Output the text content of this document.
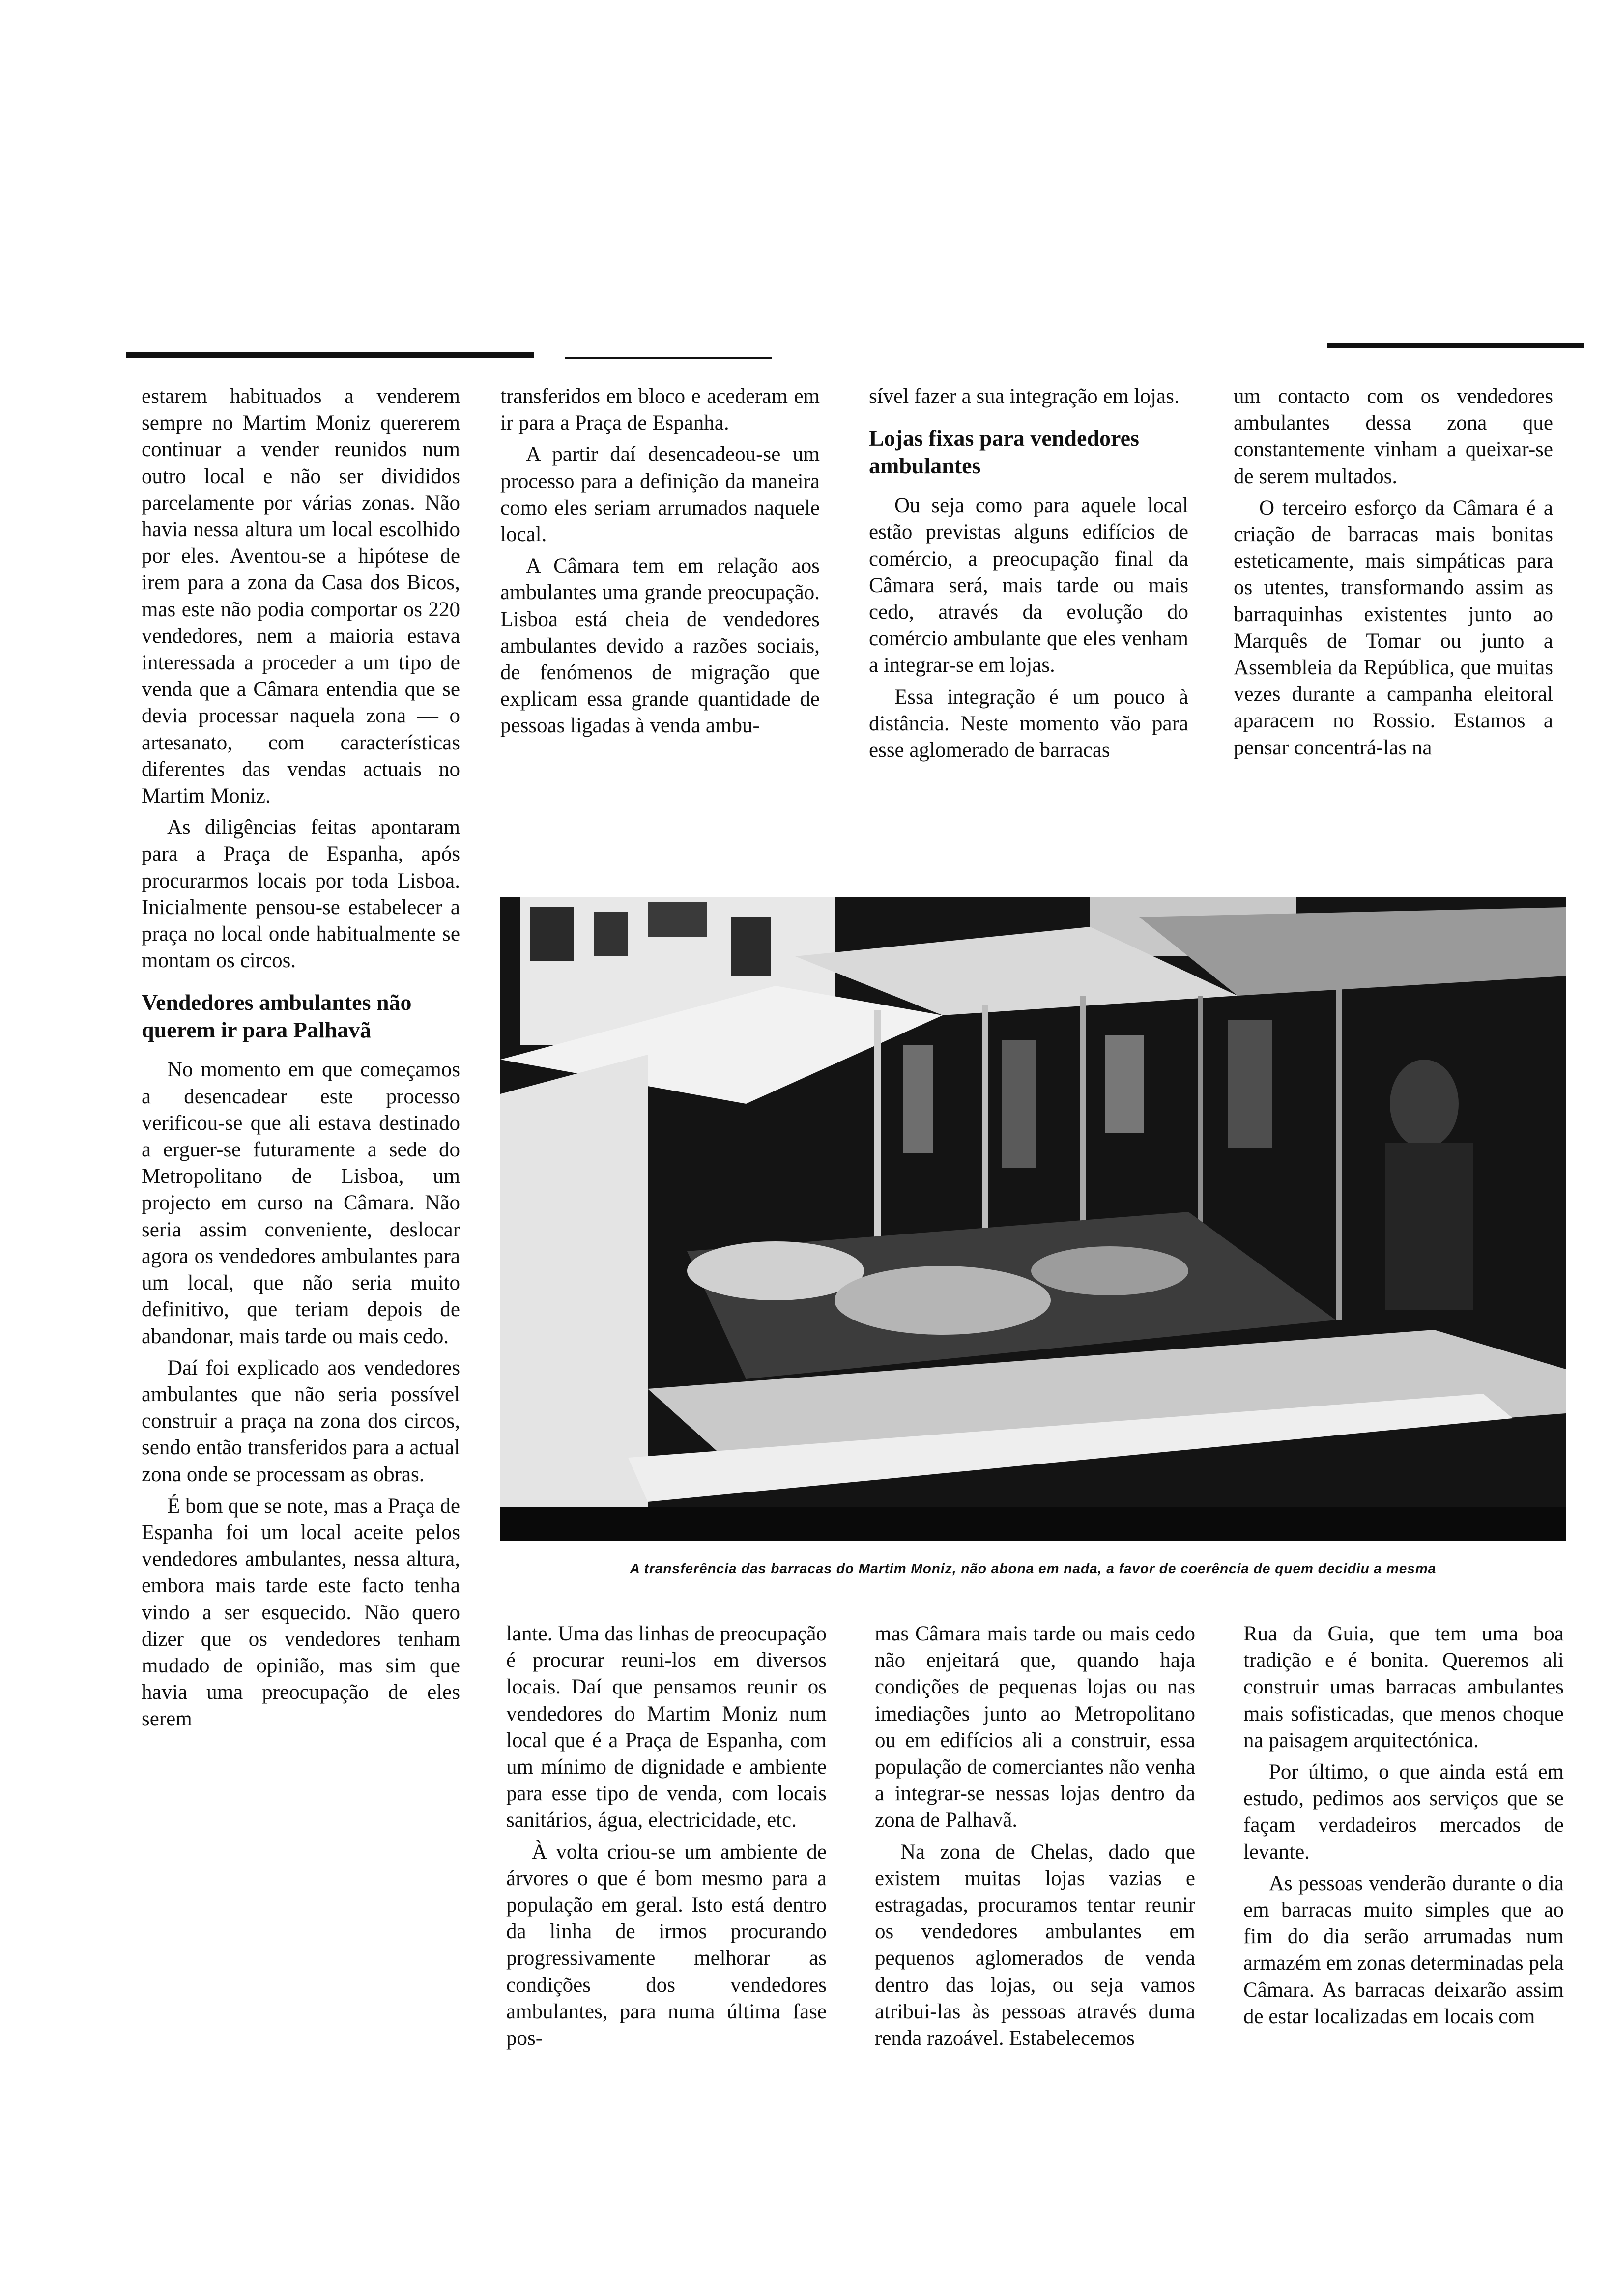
estarem habituados a venderem sempre no Martim Moniz quererem continuar a vender reunidos num outro local e não ser divididos parcelamente por várias zonas. Não havia nessa altura um local escolhido por eles. Aventou-se a hipótese de irem para a zona da Casa dos Bicos, mas este não podia comportar os 220 vendedores, nem a maioria estava interessada a proceder a um tipo de venda que a Câmara entendia que se devia processar naquela zona — o artesanato, com características diferentes das vendas actuais no Martim Moniz.

As diligências feitas apontaram para a Praça de Espanha, após procurarmos locais por toda Lisboa. Inicialmente pensou-se estabelecer a praça no local onde habitualmente se montam os circos.

Vendedores ambulantes não querem ir para Palhavã

No momento em que começamos a desencadear este processo verificou-se que ali estava destinado a erguer-se futuramente a sede do Metropolitano de Lisboa, um projecto em curso na Câmara. Não seria assim conveniente, deslocar agora os vendedores ambulantes para um local, que não seria muito definitivo, que teriam depois de abandonar, mais tarde ou mais cedo.

Daí foi explicado aos vendedores ambulantes que não seria possível construir a praça na zona dos circos, sendo então transferidos para a actual zona onde se processam as obras.

É bom que se note, mas a Praça de Espanha foi um local aceite pelos vendedores ambulantes, nessa altura, embora mais tarde este facto tenha vindo a ser esquecido. Não quero dizer que os vendedores tenham mudado de opinião, mas sim que havia uma preocupação de eles serem

transferidos em bloco e acederam em ir para a Praça de Espanha.

A partir daí desencadeou-se um processo para a definição da maneira como eles seriam arrumados naquele local.

A Câmara tem em relação aos ambulantes uma grande preocupação. Lisboa está cheia de vendedores ambulantes devido a razões sociais, de fenómenos de migração que explicam essa grande quantidade de pessoas ligadas à venda ambu-

sível fazer a sua integração em lojas.

Lojas fixas para vendedores ambulantes

Ou seja como para aquele local estão previstas alguns edifícios de comércio, a preocupação final da Câmara será, mais tarde ou mais cedo, através da evolução do comércio ambulante que eles venham a integrar-se em lojas.

Essa integração é um pouco à distância. Neste momento vão para esse aglomerado de barracas

um contacto com os vendedores ambulantes dessa zona que constantemente vinham a queixar-se de serem multados.

O terceiro esforço da Câmara é a criação de barracas mais bonitas esteticamente, mais simpáticas para os utentes, transformando assim as barraquinhas existentes junto ao Marquês de Tomar ou junto a Assembleia da República, que muitas vezes durante a campanha eleitoral aparacem no Rossio. Estamos a pensar concentrá-las na

lante. Uma das linhas de preocupação é procurar reuni-los em diversos locais. Daí que pensamos reunir os vendedores do Martim Moniz num local que é a Praça de Espanha, com um mínimo de dignidade e ambiente para esse tipo de venda, com locais sanitários, água, electricidade, etc.

À volta criou-se um ambiente de árvores o que é bom mesmo para a população em geral. Isto está dentro da linha de irmos procurando progressivamente melhorar as condições dos vendedores ambulantes, para numa última fase pos-

mas Câmara mais tarde ou mais cedo não enjeitará que, quando haja condições de pequenas lojas ou nas imediações junto ao Metropolitano ou em edifícios ali a construir, essa população de comerciantes não venha a integrar-se nessas lojas dentro da zona de Palhavã.

Na zona de Chelas, dado que existem muitas lojas vazias e estragadas, procuramos tentar reunir os vendedores ambulantes em pequenos aglomerados de venda dentro das lojas, ou seja vamos atribui-las às pessoas através duma renda razoável. Estabelecemos

Rua da Guia, que tem uma boa tradição e é bonita. Queremos ali construir umas barracas ambulantes mais sofisticadas, que menos choque na paisagem arquitectónica.

Por último, o que ainda está em estudo, pedimos aos serviços que se façam verdadeiros mercados de levante.

As pessoas venderão durante o dia em barracas muito simples que ao fim do dia serão arrumadas num armazém em zonas determinadas pela Câmara. As barracas deixarão assim de estar localizadas em locais com

A transferência das barracas do Martim Moniz, não abona em nada, a favor de coerência de quem decidiu a mesma
